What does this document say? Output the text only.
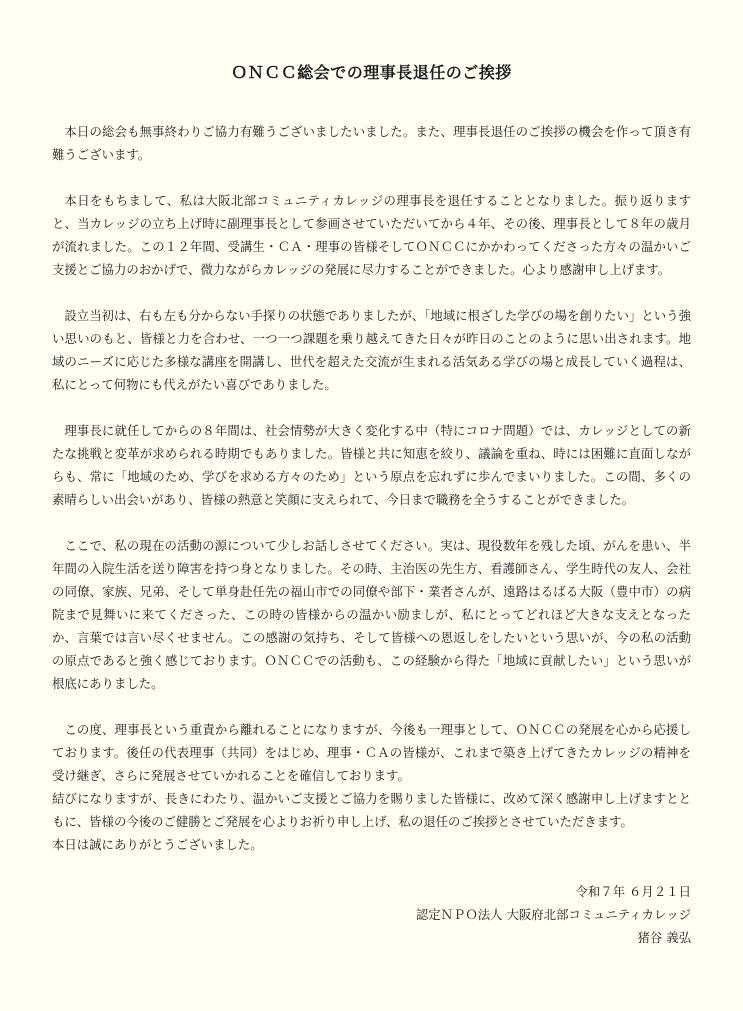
ＯＮＣＣ総会での理事長退任のご挨拶

本日の総会も無事終わりご協力有難うございましたいました。また、理事長退任のご挨拶の機会を作って頂き有難うございます。

本日をもちまして、私は大阪北部コミュニティカレッジの理事長を退任することとなりました。振り返りますと、当カレッジの立ち上げ時に副理事長として参画させていただいてから４年、その後、理事長として８年の歳月が流れました。この１２年間、受講生・ＣＡ・理事の皆様そしてＯＮＣＣにかかわってくださった方々の温かいご支援とご協力のおかげで、微力ながらカレッジの発展に尽力することができました。心より感謝申し上げます。

設立当初は、右も左も分からない手探りの状態でありましたが、「地域に根ざした学びの場を創りたい」という強い思いのもと、皆様と力を合わせ、一つ一つ課題を乗り越えてきた日々が昨日のことのように思い出されます。地域のニーズに応じた多様な講座を開講し、世代を超えた交流が生まれる活気ある学びの場と成長していく過程は、私にとって何物にも代えがたい喜びでありました。

理事長に就任してからの８年間は、社会情勢が大きく変化する中（特にコロナ問題）では、カレッジとしての新たな挑戦と変革が求められる時期でもありました。皆様と共に知恵を絞り、議論を重ね、時には困難に直面しながらも、常に「地域のため、学びを求める方々のため」という原点を忘れずに歩んでまいりました。この間、多くの素晴らしい出会いがあり、皆様の熱意と笑顔に支えられて、今日まで職務を全うすることができました。

ここで、私の現在の活動の源について少しお話しさせてください。実は、現役数年を残した頃、がんを患い、半年間の入院生活を送り障害を持つ身となりました。その時、主治医の先生方、看護師さん、学生時代の友人、会社の同僚、家族、兄弟、そして単身赴任先の福山市での同僚や部下・業者さんが、遠路はるばる大阪（豊中市）の病院まで見舞いに来てくださった、この時の皆様からの温かい励ましが、私にとってどれほど大きな支えとなったか、言葉では言い尽くせません。この感謝の気持ち、そして皆様への恩返しをしたいという思いが、今の私の活動の原点であると強く感じております。ＯＮＣＣでの活動も、この経験から得た「地域に貢献したい」という思いが根底にありました。

この度、理事長という重責から離れることになりますが、今後も一理事として、ＯＮＣＣの発展を心から応援しております。後任の代表理事（共同）をはじめ、理事・ＣＡの皆様が、これまで築き上げてきたカレッジの精神を受け継ぎ、さらに発展させていかれることを確信しております。

結びになりますが、長きにわたり、温かいご支援とご協力を賜りました皆様に、改めて深く感謝申し上げますとともに、皆様の今後のご健勝とご発展を心よりお祈り申し上げ、私の退任のご挨拶とさせていただきます。

本日は誠にありがとうございました。

令和７年 ６月２１日
認定ＮＰＯ法人 大阪府北部コミュニティカレッジ
猪谷 義弘
